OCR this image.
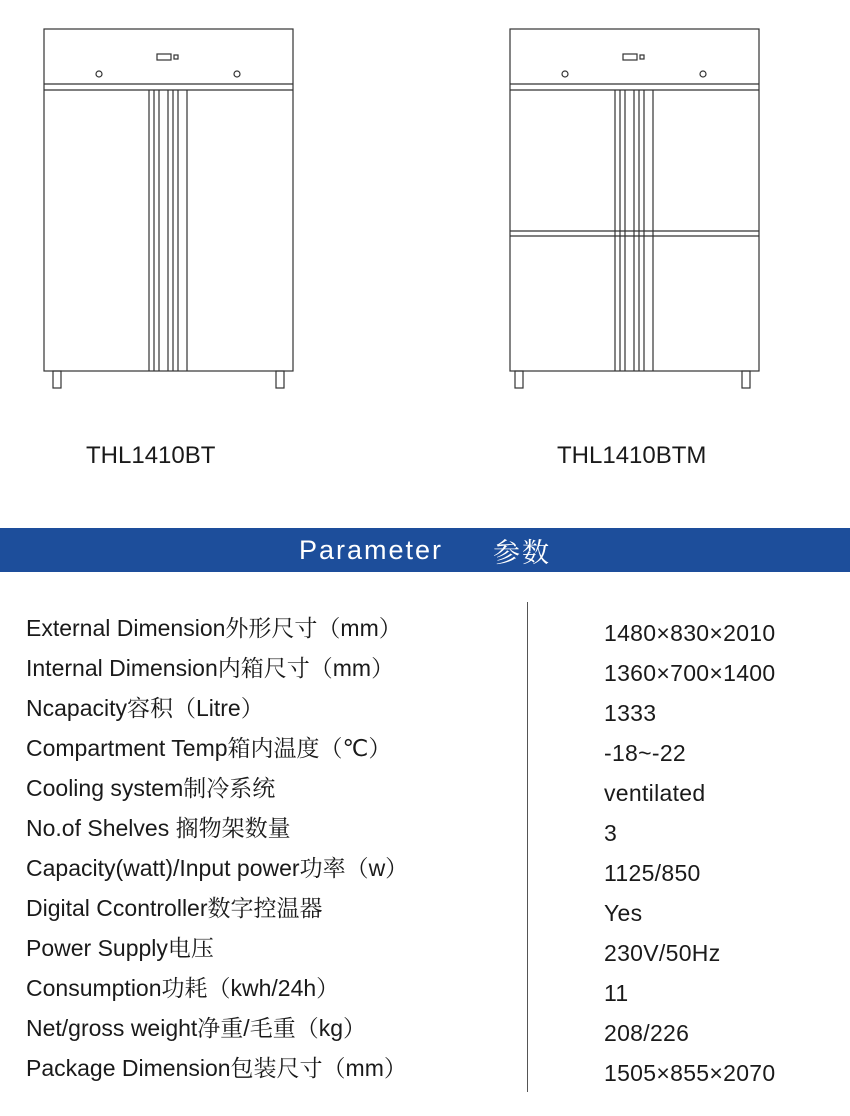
THL1410BT	THL1410BTM
Parameter 参数
External Dimension外形尺寸（mm）
Internal Dimension内箱尺寸（mm）
Ncapacity容积（Litre）
Compartment Temp箱内温度（℃）
Cooling system制冷系统
No.of Shelves 搁物架数量
Capacity(watt)/Input power功率（w）
Digital Ccontroller数字控温器
Power Supply电压
Consumption功耗（kwh/24h）
Net/gross weight净重/毛重（kg）
Package Dimension包装尺寸（mm）
1480×830×2010
1360×700×1400
1333
-18~-22
ventilated
3
1125/850
Yes
230V/50Hz
11
208/226
1505×855×2070
